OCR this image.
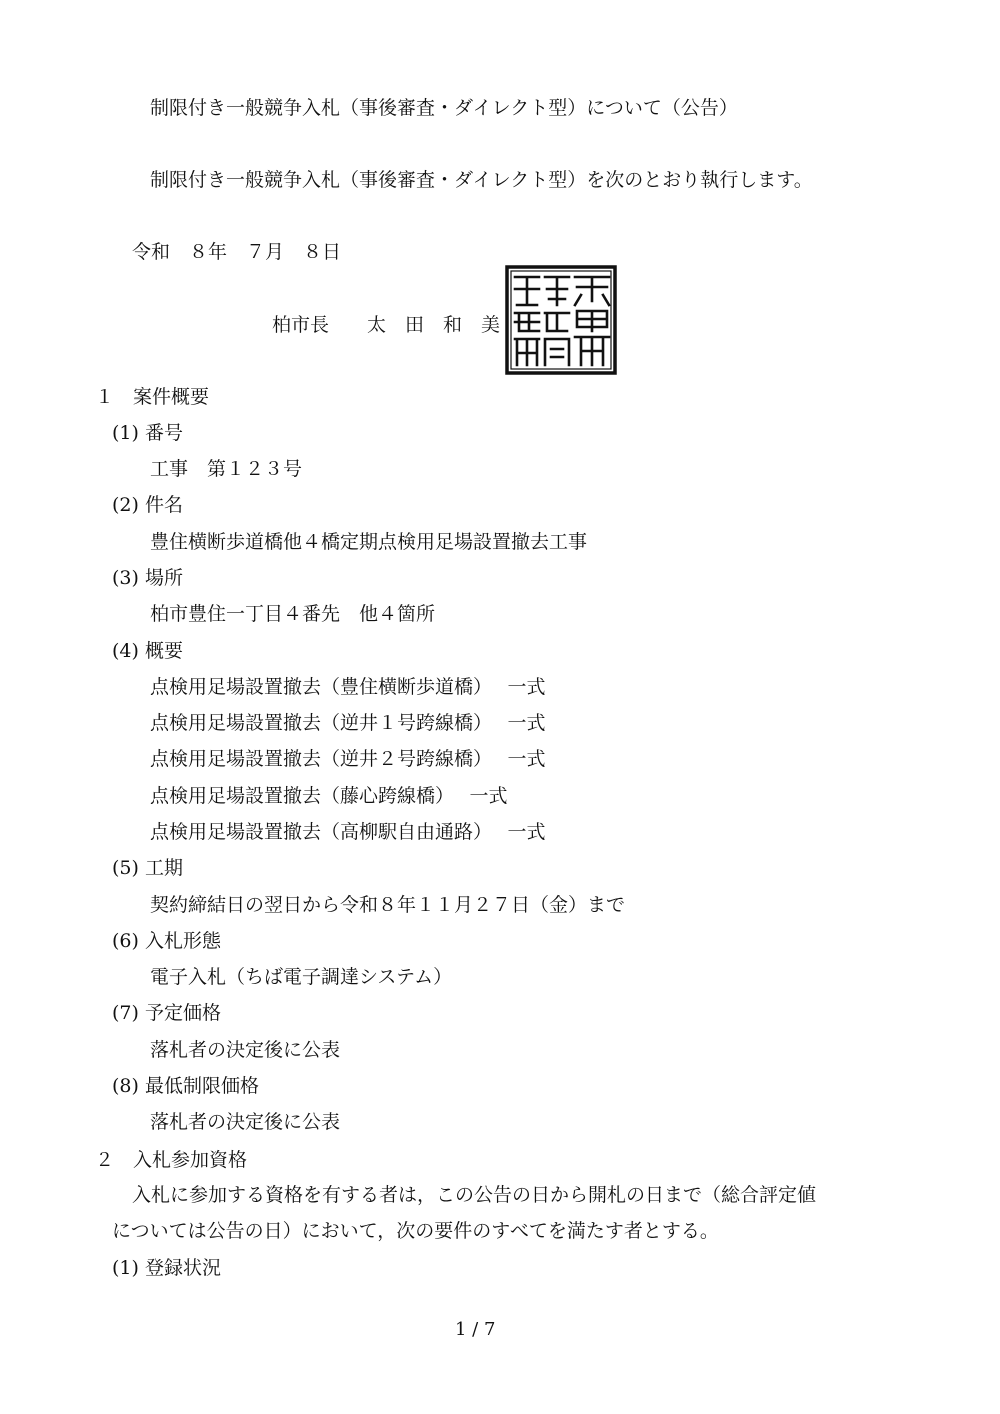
制限付き一般競争入札（事後審査・ダイレクト型）について（公告）
制限付き一般競争入札（事後審査・ダイレクト型）を次のとおり執行します。
令和　８年　７月　８日
柏市長　　太　田　和　美
１　案件概要
(1) 番号
工事　第１２３号
(2) 件名
豊住横断歩道橋他４橋定期点検用足場設置撤去工事
(3) 場所
柏市豊住一丁目４番先　他４箇所
(4) 概要
点検用足場設置撤去（豊住横断歩道橋）　 一式
点検用足場設置撤去（逆井１号跨線橋）　 一式
点検用足場設置撤去（逆井２号跨線橋）　 一式
点検用足場設置撤去（藤心跨線橋）　 一式
点検用足場設置撤去（高柳駅自由通路）　 一式
(5) 工期
契約締結日の翌日から令和８年１１月２７日（金）まで
(6) 入札形態
電子入札（ちば電子調達システム）
(7) 予定価格
落札者の決定後に公表
(8) 最低制限価格
落札者の決定後に公表
２　入札参加資格
入札に参加する資格を有する者は，この公告の日から開札の日まで（総合評定値
については公告の日）において，次の要件のすべてを満たす者とする。
(1) 登録状況
1 / 7
